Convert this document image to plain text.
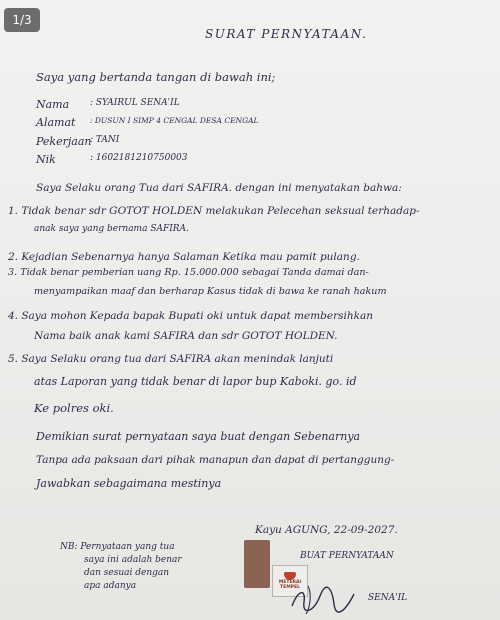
1/3
SURAT PERNYATAAN.
Saya yang bertanda tangan di bawah ini;
Nama : SYAIRUL SENA'IL
Alamat : DUSUN I SIMP 4 CENGAL DESA CENGAL
Pekerjaan
: TANI
Nik	: 1602181210750003
Saya Selaku orang Tua dari SAFIRA. dengan ini menyatakan bahwa:
1. Tidak benar sdr GOTOT HOLDEN melakukan Pelecehan seksual terhadap-
anak saya yang bernama SAFIRA.
2. Kejadian Sebenarnya hanya Salaman Ketika mau pamit pulang.
3. Tidak benar pemberian uang Rp. 15.000.000 sebagai Tanda damai dan-
menyampaikan maaf dan berharap Kasus tidak di bawa ke ranah hakum
4. Saya mohon Kepada bapak Bupati oki untuk dapat membersihkan
Nama baik anak kami SAFIRA dan sdr GOTOT HOLDEN.
5. Saya Selaku orang tua dari SAFIRA akan menindak lanjuti
atas Laporan yang tidak benar di lapor bup Kaboki. go. id
Ke polres oki.
Demikian surat pernyataan saya buat dengan Sebenarnya
Tanpa ada paksaan dari pihak manapun dan dapat di pertanggung-
Jawabkan sebagaimana mestinya
Kayu AGUNG, 22-09-2027.
BUAT PERNYATAAN
NB: Pernyataan yang tua
saya ini adalah benar
dan sesuai dengan
apa adanya	METERAI
TEMPEL
SENA'IL
